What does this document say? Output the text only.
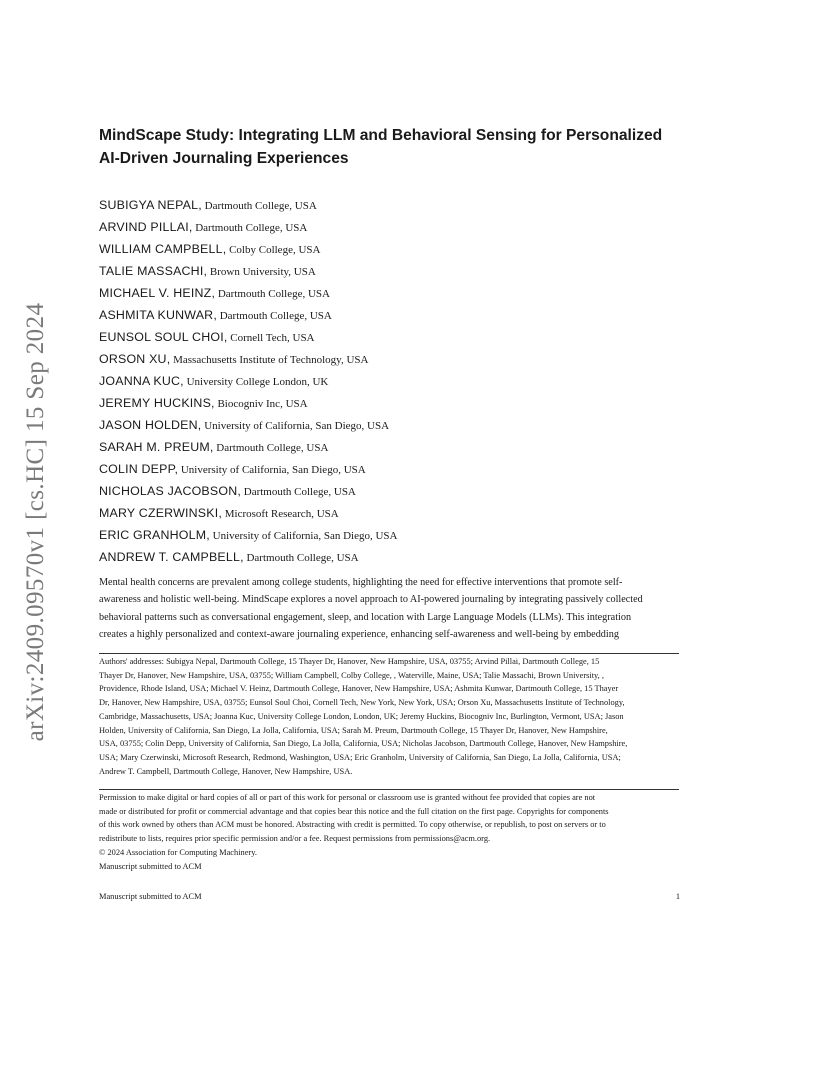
arXiv:2409.09570v1 [cs.HC] 15 Sep 2024
MindScape Study: Integrating LLM and Behavioral Sensing for Personalized
AI-Driven Journaling Experiences
SUBIGYA NEPAL, Dartmouth College, USA
ARVIND PILLAI, Dartmouth College, USA
WILLIAM CAMPBELL, Colby College, USA
TALIE MASSACHI, Brown University, USA
MICHAEL V. HEINZ, Dartmouth College, USA
ASHMITA KUNWAR, Dartmouth College, USA
EUNSOL SOUL CHOI, Cornell Tech, USA
ORSON XU, Massachusetts Institute of Technology, USA
JOANNA KUC, University College London, UK
JEREMY HUCKINS, Biocogniv Inc, USA
JASON HOLDEN, University of California, San Diego, USA
SARAH M. PREUM, Dartmouth College, USA
COLIN DEPP, University of California, San Diego, USA
NICHOLAS JACOBSON, Dartmouth College, USA
MARY CZERWINSKI, Microsoft Research, USA
ERIC GRANHOLM, University of California, San Diego, USA
ANDREW T. CAMPBELL, Dartmouth College, USA

Mental health concerns are prevalent among college students, highlighting the need for effective interventions that promote self-
awareness and holistic well-being. MindScape explores a novel approach to AI-powered journaling by integrating passively collected
behavioral patterns such as conversational engagement, sleep, and location with Large Language Models (LLMs). This integration
creates a highly personalized and context-aware journaling experience, enhancing self-awareness and well-being by embedding

Authors' addresses: Subigya Nepal, Dartmouth College, 15 Thayer Dr, Hanover, New Hampshire, USA, 03755; Arvind Pillai, Dartmouth College, 15
Thayer Dr, Hanover, New Hampshire, USA, 03755; William Campbell, Colby College, , Waterville, Maine, USA; Talie Massachi, Brown University, ,
Providence, Rhode Island, USA; Michael V. Heinz, Dartmouth College, Hanover, New Hampshire, USA; Ashmita Kunwar, Dartmouth College, 15 Thayer
Dr, Hanover, New Hampshire, USA, 03755; Eunsol Soul Choi, Cornell Tech, New York, New York, USA; Orson Xu, Massachusetts Institute of Technology,
Cambridge, Massachusetts, USA; Joanna Kuc, University College London, London, UK; Jeremy Huckins, Biocogniv Inc, Burlington, Vermont, USA; Jason
Holden, University of California, San Diego, La Jolla, California, USA; Sarah M. Preum, Dartmouth College, 15 Thayer Dr, Hanover, New Hampshire,
USA, 03755; Colin Depp, University of California, San Diego, La Jolla, California, USA; Nicholas Jacobson, Dartmouth College, Hanover, New Hampshire,
USA; Mary Czerwinski, Microsoft Research, Redmond, Washington, USA; Eric Granholm, University of California, San Diego, La Jolla, California, USA;
Andrew T. Campbell, Dartmouth College, Hanover, New Hampshire, USA.

Permission to make digital or hard copies of all or part of this work for personal or classroom use is granted without fee provided that copies are not
made or distributed for profit or commercial advantage and that copies bear this notice and the full citation on the first page. Copyrights for components
of this work owned by others than ACM must be honored. Abstracting with credit is permitted. To copy otherwise, or republish, to post on servers or to
redistribute to lists, requires prior specific permission and/or a fee. Request permissions from permissions@acm.org.
© 2024 Association for Computing Machinery.
Manuscript submitted to ACM

Manuscript submitted to ACM	1
